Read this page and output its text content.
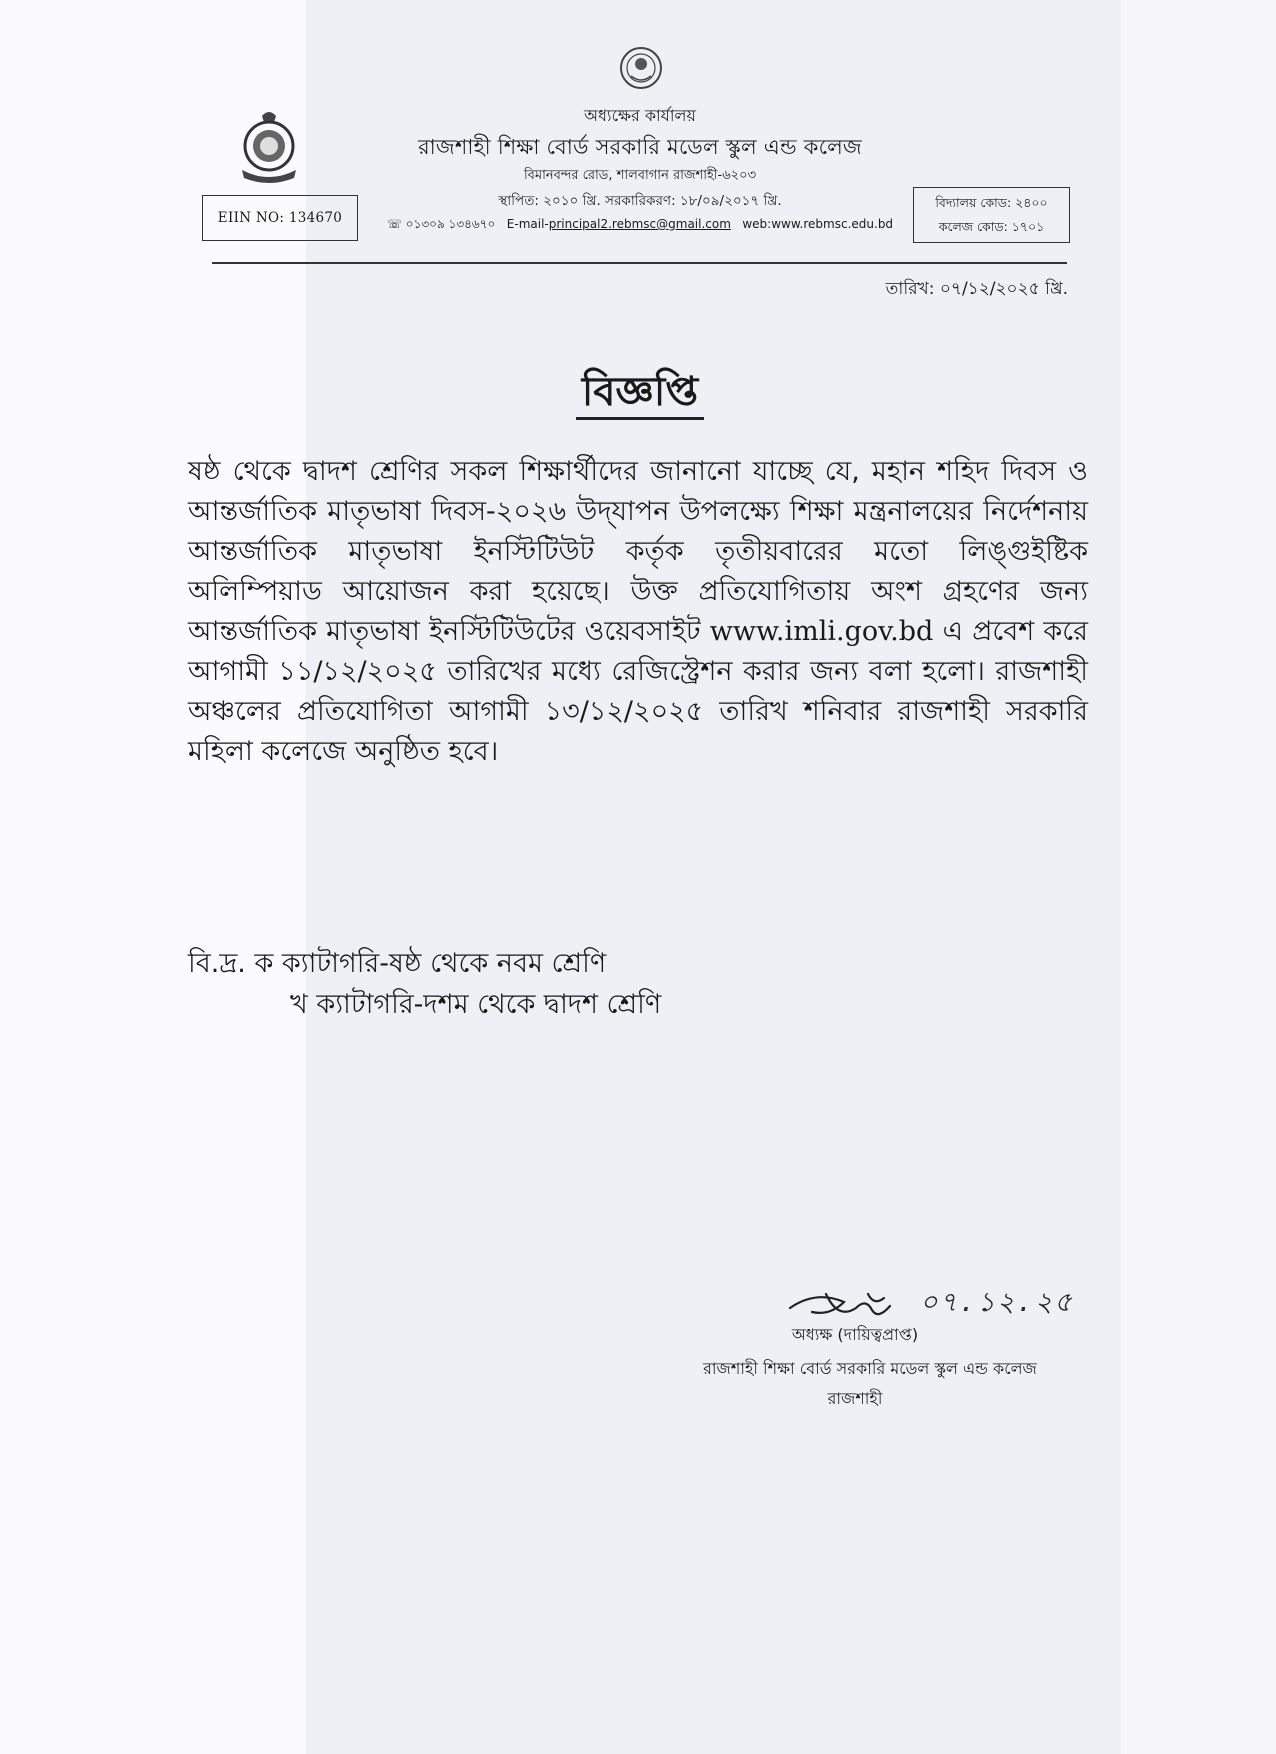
অধ্যক্ষের কার্যালয়
রাজশাহী শিক্ষা বোর্ড সরকারি মডেল স্কুল এন্ড কলেজ
বিমানবন্দর রোড, শালবাগান রাজশাহী-৬২০৩
স্থাপিত: ২০১০ খ্রি. সরকারিকরণ: ১৮/০৯/২০১৭ খ্রি.
☏ ০১৩০৯ ১৩৪৬৭০ E-mail-principal2.rebmsc@gmail.com web:www.rebmsc.edu.bd
EIIN NO: 134670
বিদ্যালয় কোড: ২৪০০
কলেজ কোড: ১৭০১
তারিখ: ০৭/১২/২০২৫ খ্রি.
বিজ্ঞপ্তি
ষষ্ঠ থেকে দ্বাদশ শ্রেণির সকল শিক্ষার্থীদের জানানো যাচ্ছে যে, মহান শহিদ দিবস ও আন্তর্জাতিক মাতৃভাষা দিবস-২০২৬ উদ্‌যাপন উপলক্ষ্যে শিক্ষা মন্ত্রনালয়ের নির্দেশনায় আন্তর্জাতিক মাতৃভাষা ইনস্টিটিউট কর্তৃক তৃতীয়বারের মতো লিঙ্গুইষ্টিক অলিম্পিয়াড আয়োজন করা হয়েছে। উক্ত প্রতিযোগিতায় অংশ গ্রহণের জন্য আন্তর্জাতিক মাতৃভাষা ইনস্টিটিউটের ওয়েবসাইট www.imli.gov.bd এ প্রবেশ করে আগামী ১১/১২/২০২৫ তারিখের মধ্যে রেজিস্ট্রেশন করার জন্য বলা হলো। রাজশাহী অঞ্চলের প্রতিযোগিতা আগামী ১৩/১২/২০২৫ তারিখ শনিবার রাজশাহী সরকারি মহিলা কলেজে অনুষ্ঠিত হবে।
বি.দ্র. ক ক্যাটাগরি-ষষ্ঠ থেকে নবম শ্রেণি
খ ক্যাটাগরি-দশম থেকে দ্বাদশ শ্রেণি
০৭.১২.২৫
অধ্যক্ষ (দায়িত্বপ্রাপ্ত)
রাজশাহী শিক্ষা বোর্ড সরকারি মডেল স্কুল এন্ড কলেজ
রাজশাহী
